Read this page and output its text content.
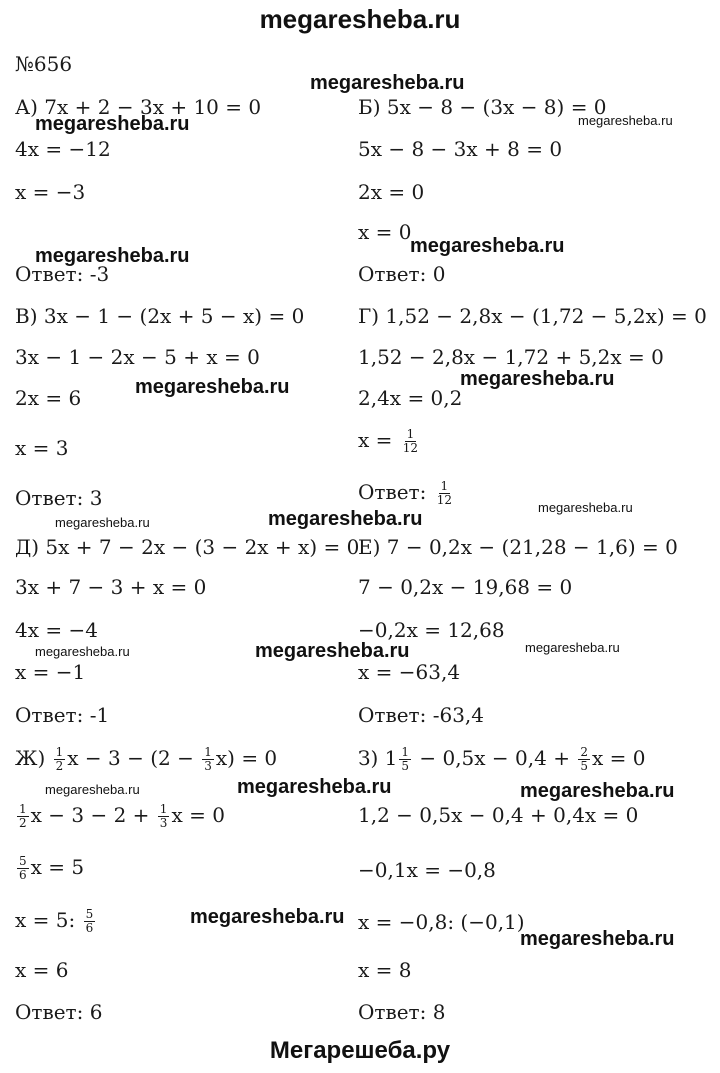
megaresheba.ru
№656
megaresheba.ru
megaresheba.ru	megaresheba.ru
megaresheba.ru	megaresheba.ru
megaresheba.ru	megaresheba.ru
megaresheba.ru	megaresheba.ru
megaresheba.ru
megaresheba.ru	megaresheba.ru	megaresheba.ru
megaresheba.ru	megaresheba.ru	megaresheba.ru
megaresheba.ru
megaresheba.ru
А) 7x + 2 − 3x + 10 = 0
4x = −12
x = −3
Ответ: -3
Б) 5x − 8 − (3x − 8) = 0
5x − 8 − 3x + 8 = 0
2x = 0
x = 0
Ответ: 0
В) 3x − 1 − (2x + 5 − x) = 0
3x − 1 − 2x − 5 + x = 0
2x = 6
x = 3
Ответ: 3
Г) 1,52 − 2,8x − (1,72 − 5,2x) = 0
1,52 − 2,8x − 1,72 + 5,2x = 0
2,4x = 0,2
$x = \frac{1}{12}$
Ответ: $\frac{1}{12}$
Д) 5x + 7 − 2x − (3 − 2x + x) = 0
3x + 7 − 3 + x = 0
4x = −4
x = −1
Ответ: -1
Е) 7 − 0,2x − (21,28 − 1,6) = 0
7 − 0,2x − 19,68 = 0
−0,2x = 12,68
x = −63,4
Ответ: -63,4
$Ж) \frac{1}{2}$ $x - 3 - (2 - \frac{1}{3} x) = 0$
$\frac{1}{2}$ $x - 3 - 2 + \frac{1}{3}$ x = 0
$\frac{5}{6}$ x = 5
x = 5: $\frac{5}{6}$
x = 6
Ответ: 6
З) $1 \frac{1}{5} - 0,5x - 0,4 + \frac{2}{5}$ x = 0
1,2 − 0,5x − 0,4 + 0,4x = 0
−0,1x = −0,8
x = −0,8: (−0,1)
x = 8
Ответ: 8
Мегарешеба.ру
